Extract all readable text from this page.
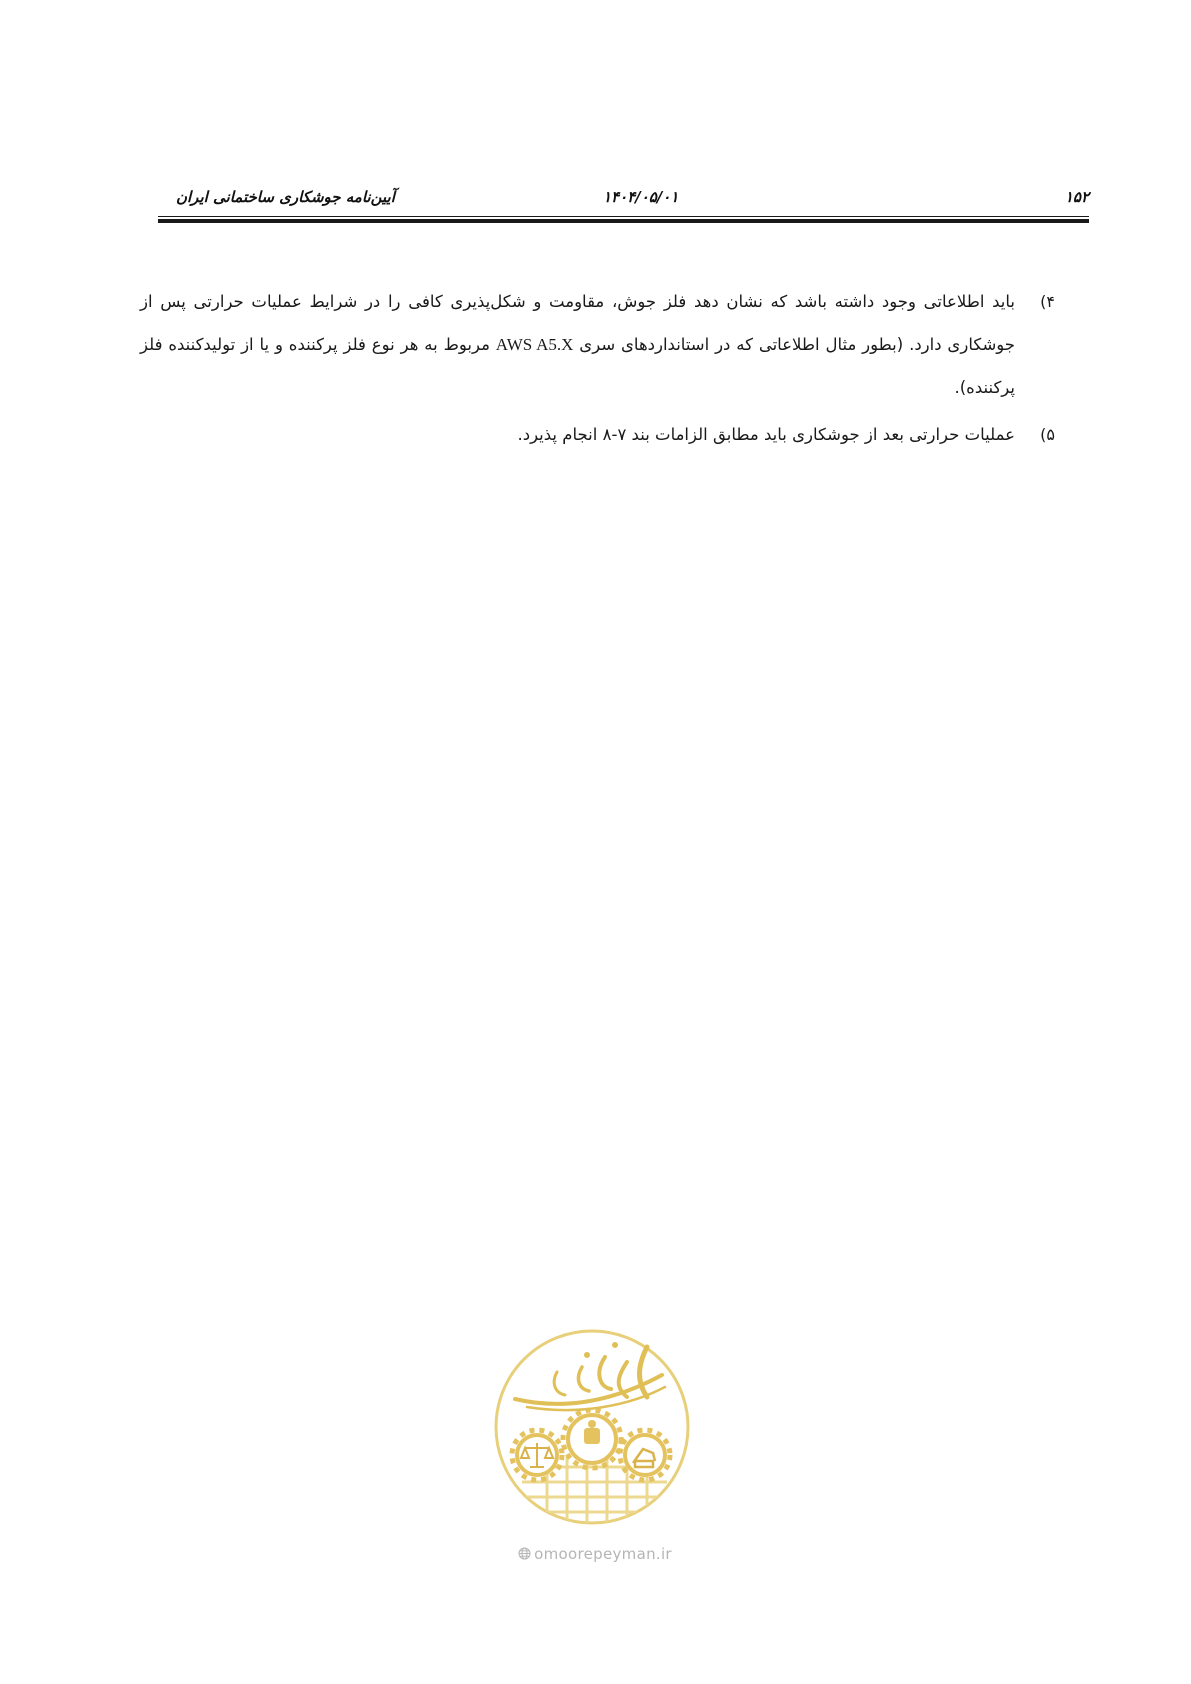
۱۵۲
۱۴۰۴/۰۵/۰۱
آیین‌نامه جوشکاری ساختمانی ایران
۴)

باید اطلاعاتی وجود داشته باشد که نشان دهد فلز جوش، مقاومت و شکل‌پذیری کافی را در شرایط عملیات حرارتی پس از جوشکاری دارد. (بطور مثال اطلاعاتی که در استانداردهای سری AWS A5.X مربوط به هر نوع فلز پرکننده و یا از تولیدکننده فلز پرکننده).

۵)

عملیات حرارتی بعد از جوشکاری باید مطابق الزامات بند ۷-۸ انجام پذیرد.

omoorepeyman.ir
